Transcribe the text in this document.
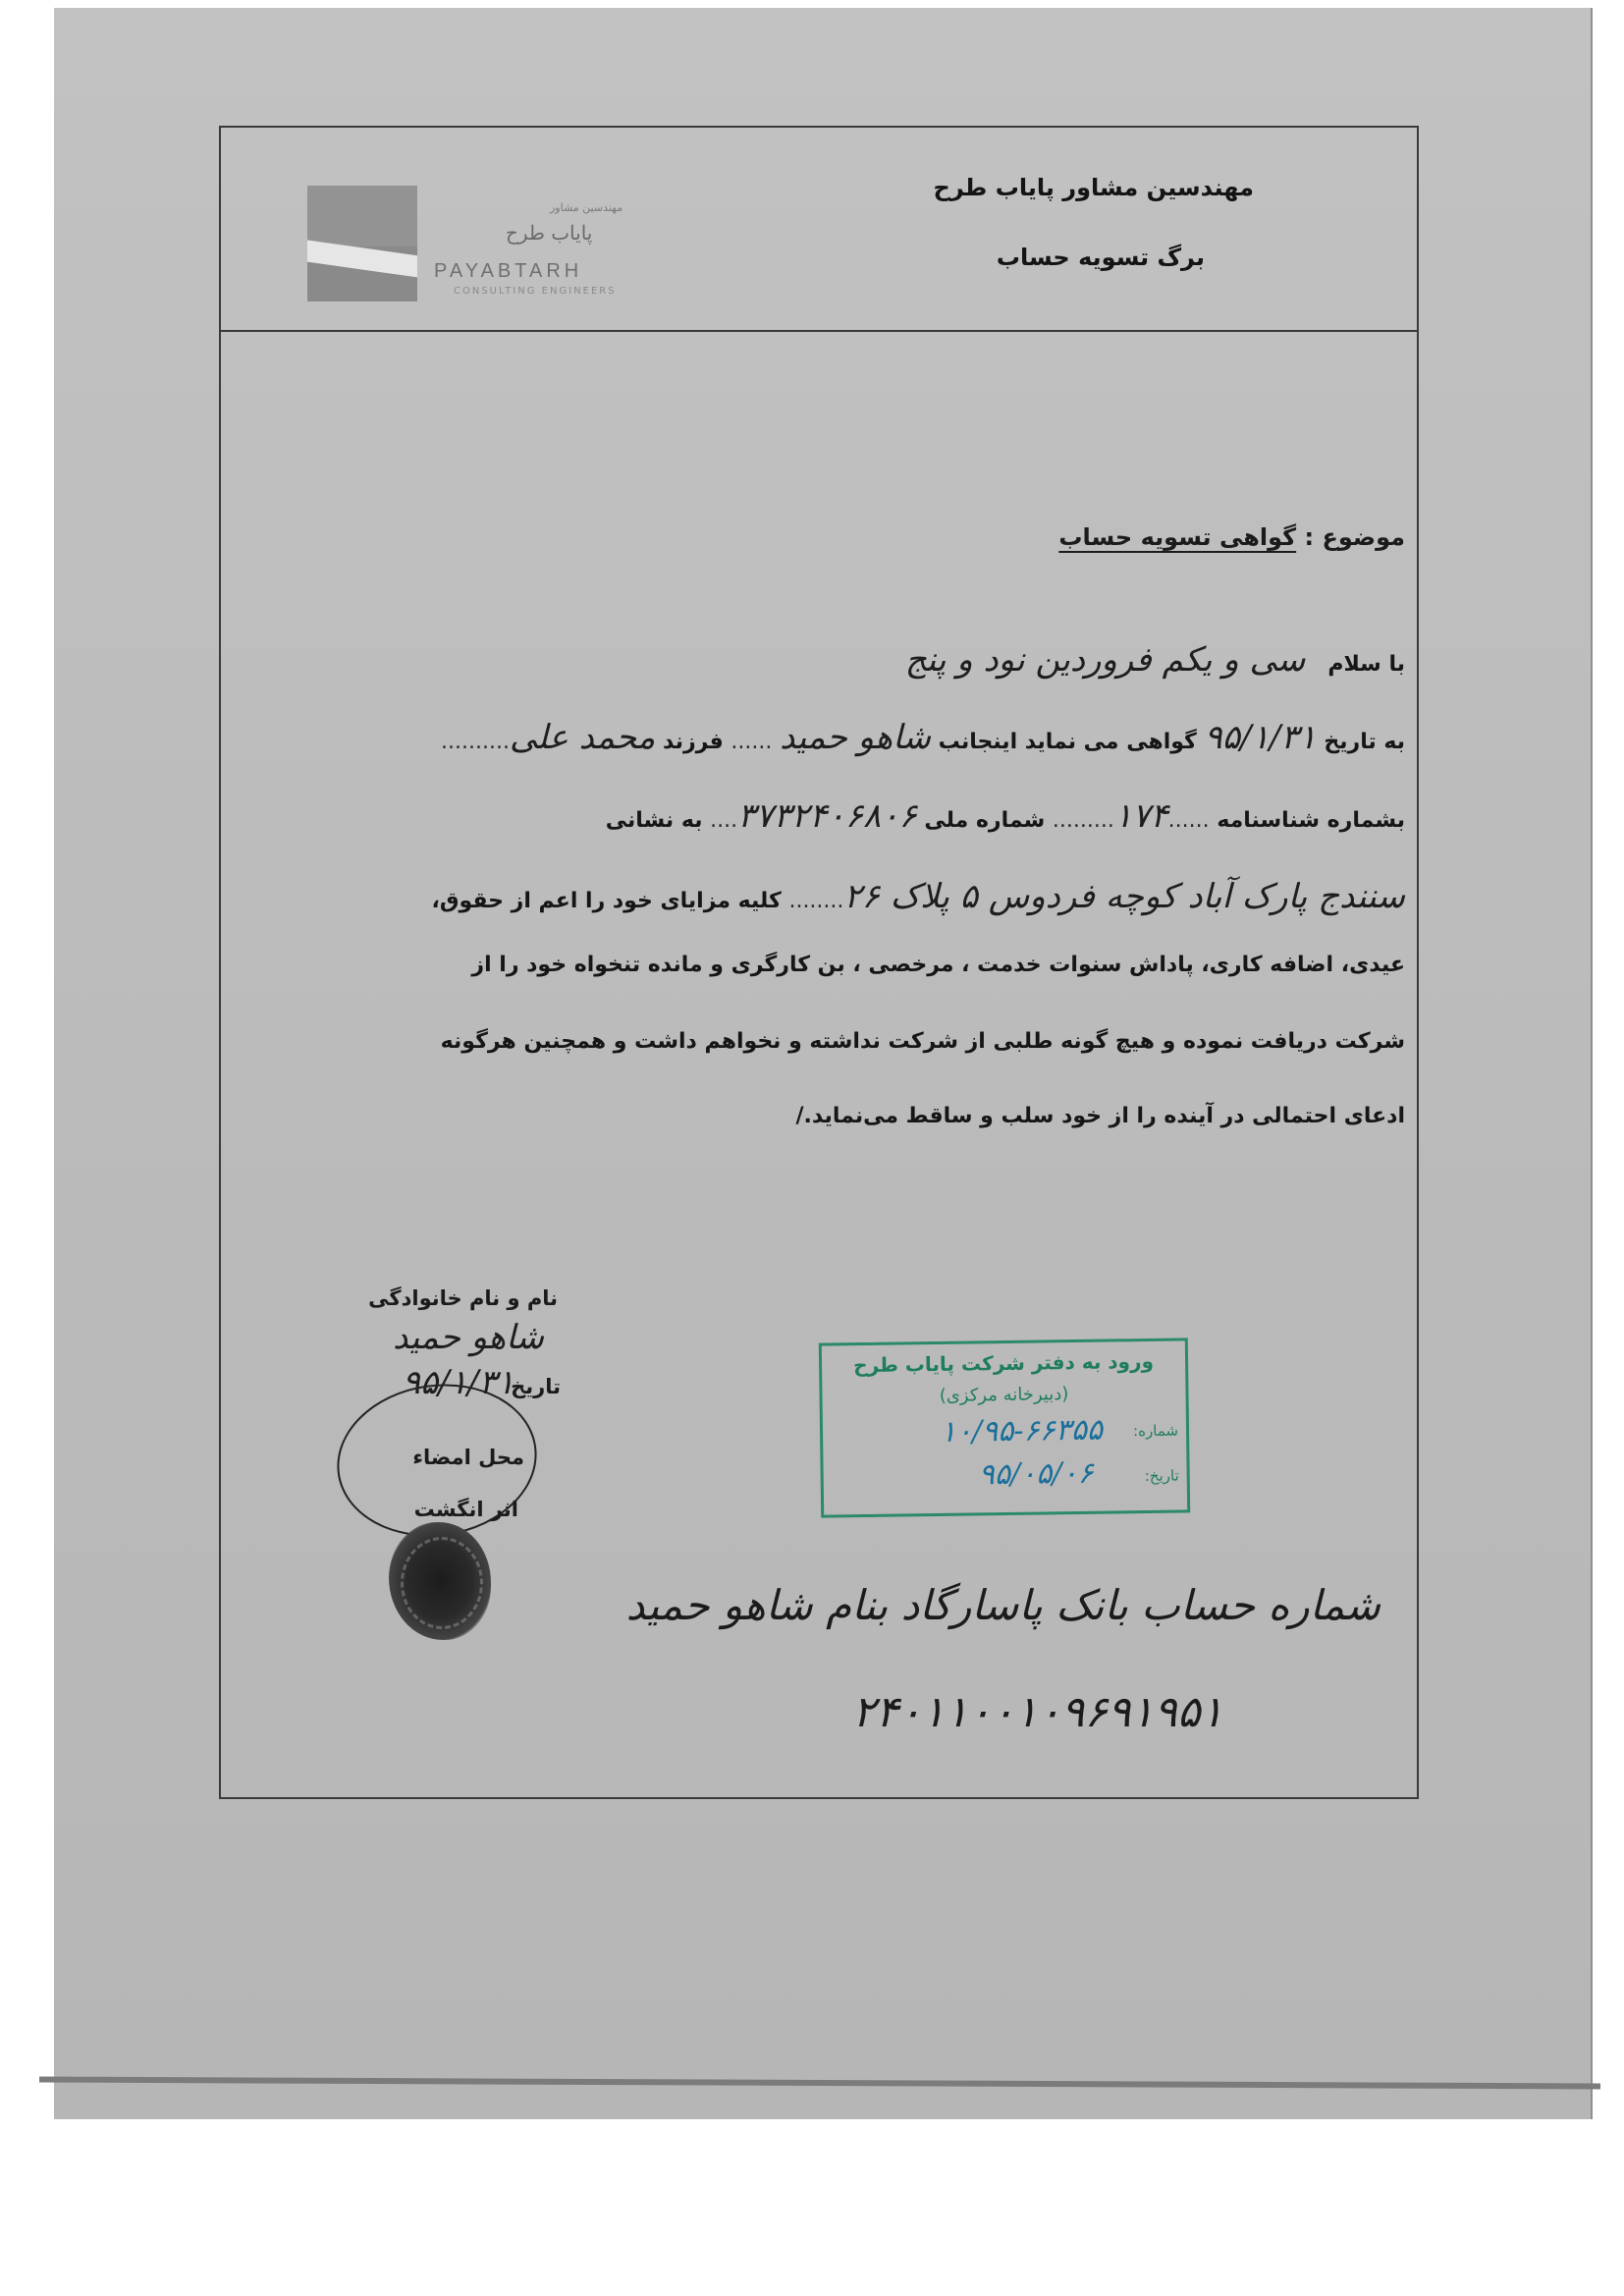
مهندسین مشاور
پایاب طرح
PAYABTARH
CONSULTING ENGINEERS
مهندسین مشاور پایاب طرح
برگ تسویه حساب
موضوع : گواهی تسویه حساب
با سلام   سی و یکم فروردین نود و پنج
به تاریخ ۹۵/۱/۳۱ گواهی می نماید اینجانب شاهو حمید ...... فرزند محمد علی..........
بشماره شناسنامه ......۱۷۴......... شماره ملی ۳۷۳۲۴۰۶۸۰۶.... به نشانی
سنندج پارک آباد کوچه فردوس ۵ پلاک ۲۶........ کلیه مزایای خود را اعم از حقوق،
عیدی، اضافه کاری، پاداش سنوات خدمت ، مرخصی ، بن کارگری و مانده تنخواه خود را از
شرکت دریافت نموده و هیچ گونه طلبی از شرکت نداشته و نخواهم داشت و همچنین هرگونه
ادعای احتمالی در آینده را از خود سلب و ساقط می‌نماید./
نام و نام خانوادگی
شاهو حمید
تاریخ
۹۵/۱/۳۱
محل امضاء
اثر انگشت
ورود به دفتر شرکت پایاب طرح
(دبیرخانه مرکزی)
شماره:
۱۰/۹۵-۶۶۳۵۵
تاریخ:
۹۵/۰۵/۰۶
شماره حساب بانک پاسارگاد بنام شاهو حمید
۲۴۰۱۱۰۰۱۰۹۶۹۱۹۵۱
